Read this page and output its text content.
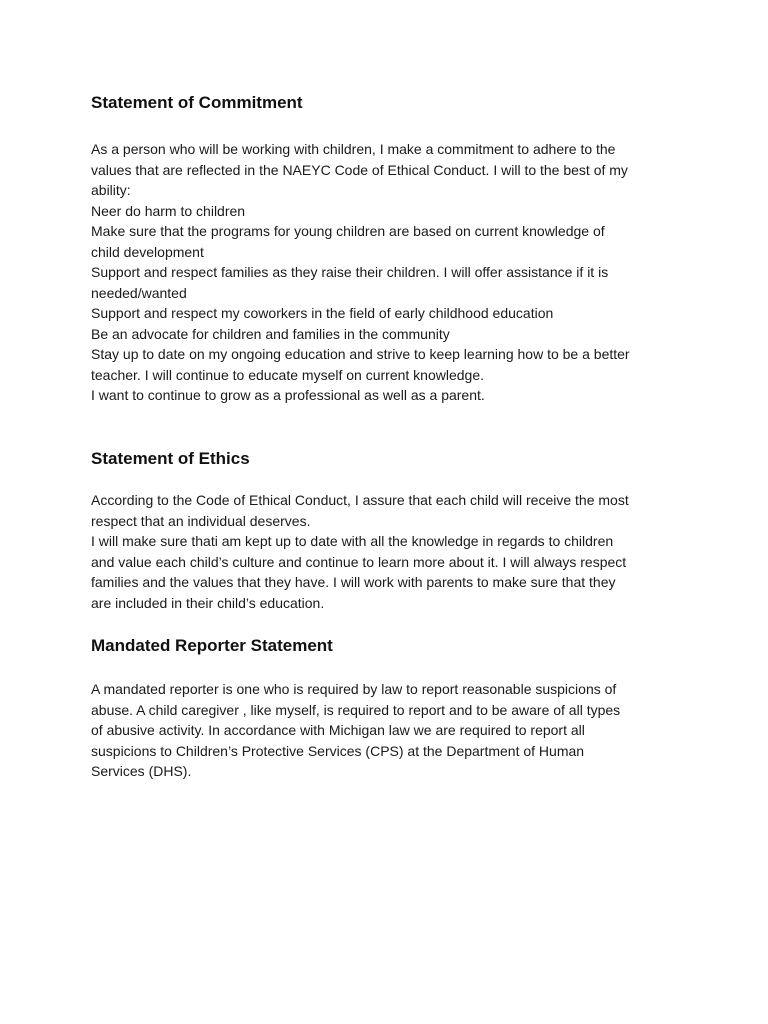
Statement of Commitment

As a person who will be working with children, I make a commitment to adhere to the
values that are reflected in the NAEYC Code of Ethical Conduct. I will to the best of my
ability:
Neer do harm to children
Make sure that the programs for young children are based on current knowledge of
child development
Support and respect families as they raise their children. I will offer assistance if it is
needed/wanted
Support and respect my coworkers in the field of early childhood education
Be an advocate for children and families in the community
Stay up to date on my ongoing education and strive to keep learning how to be a better
teacher. I will continue to educate myself on current knowledge.
I want to continue to grow as a professional as well as a parent.

Statement of Ethics

According to the Code of Ethical Conduct, I assure that each child will receive the most
respect that an individual deserves.
I will make sure thati am kept up to date with all the knowledge in regards to children
and value each child’s culture and continue to learn more about it. I will always respect
families and the values that they have. I will work with parents to make sure that they
are included in their child’s education.

Mandated Reporter Statement

A mandated reporter is one who is required by law to report reasonable suspicions of
abuse. A child caregiver , like myself, is required to report and to be aware of all types
of abusive activity. In accordance with Michigan law we are required to report all
suspicions to Children’s Protective Services (CPS) at the Department of Human
Services (DHS).
